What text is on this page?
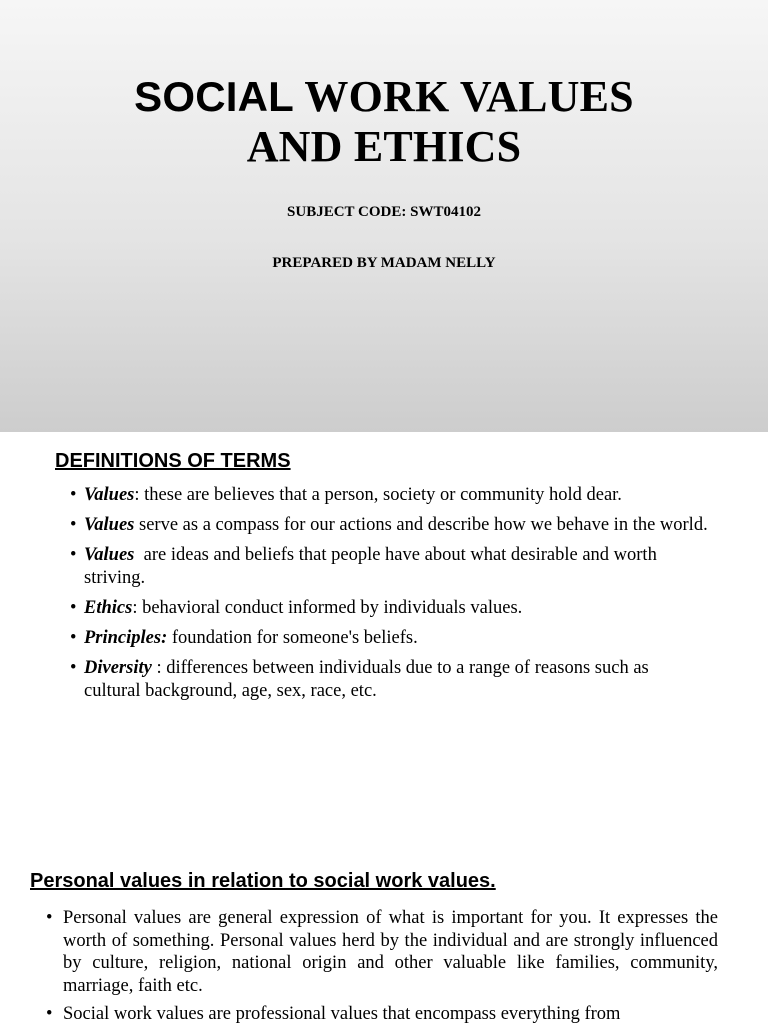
SOCIAL WORK VALUES
AND ETHICS
SUBJECT CODE: SWT04102
PREPARED BY MADAM NELLY
DEFINITIONS OF TERMS
• Values: these are believes that a person, society or community hold dear.
• Values serve as a compass for our actions and describe how we behave in the world.
• Values  are ideas and beliefs that people have about what desirable and worth striving.
• Ethics: behavioral conduct informed by individuals values.
• Principles: foundation for someone's beliefs.
• Diversity : differences between individuals due to a range of reasons such as cultural background, age, sex, race, etc.
Personal values in relation to social work values.
• Personal values are general expression of what is important for you. It expresses the worth of something. Personal values herd by the individual and are strongly influenced by culture, religion, national origin and other valuable like families, community, marriage, faith etc.
• Social work values are professional values that encompass everything from
